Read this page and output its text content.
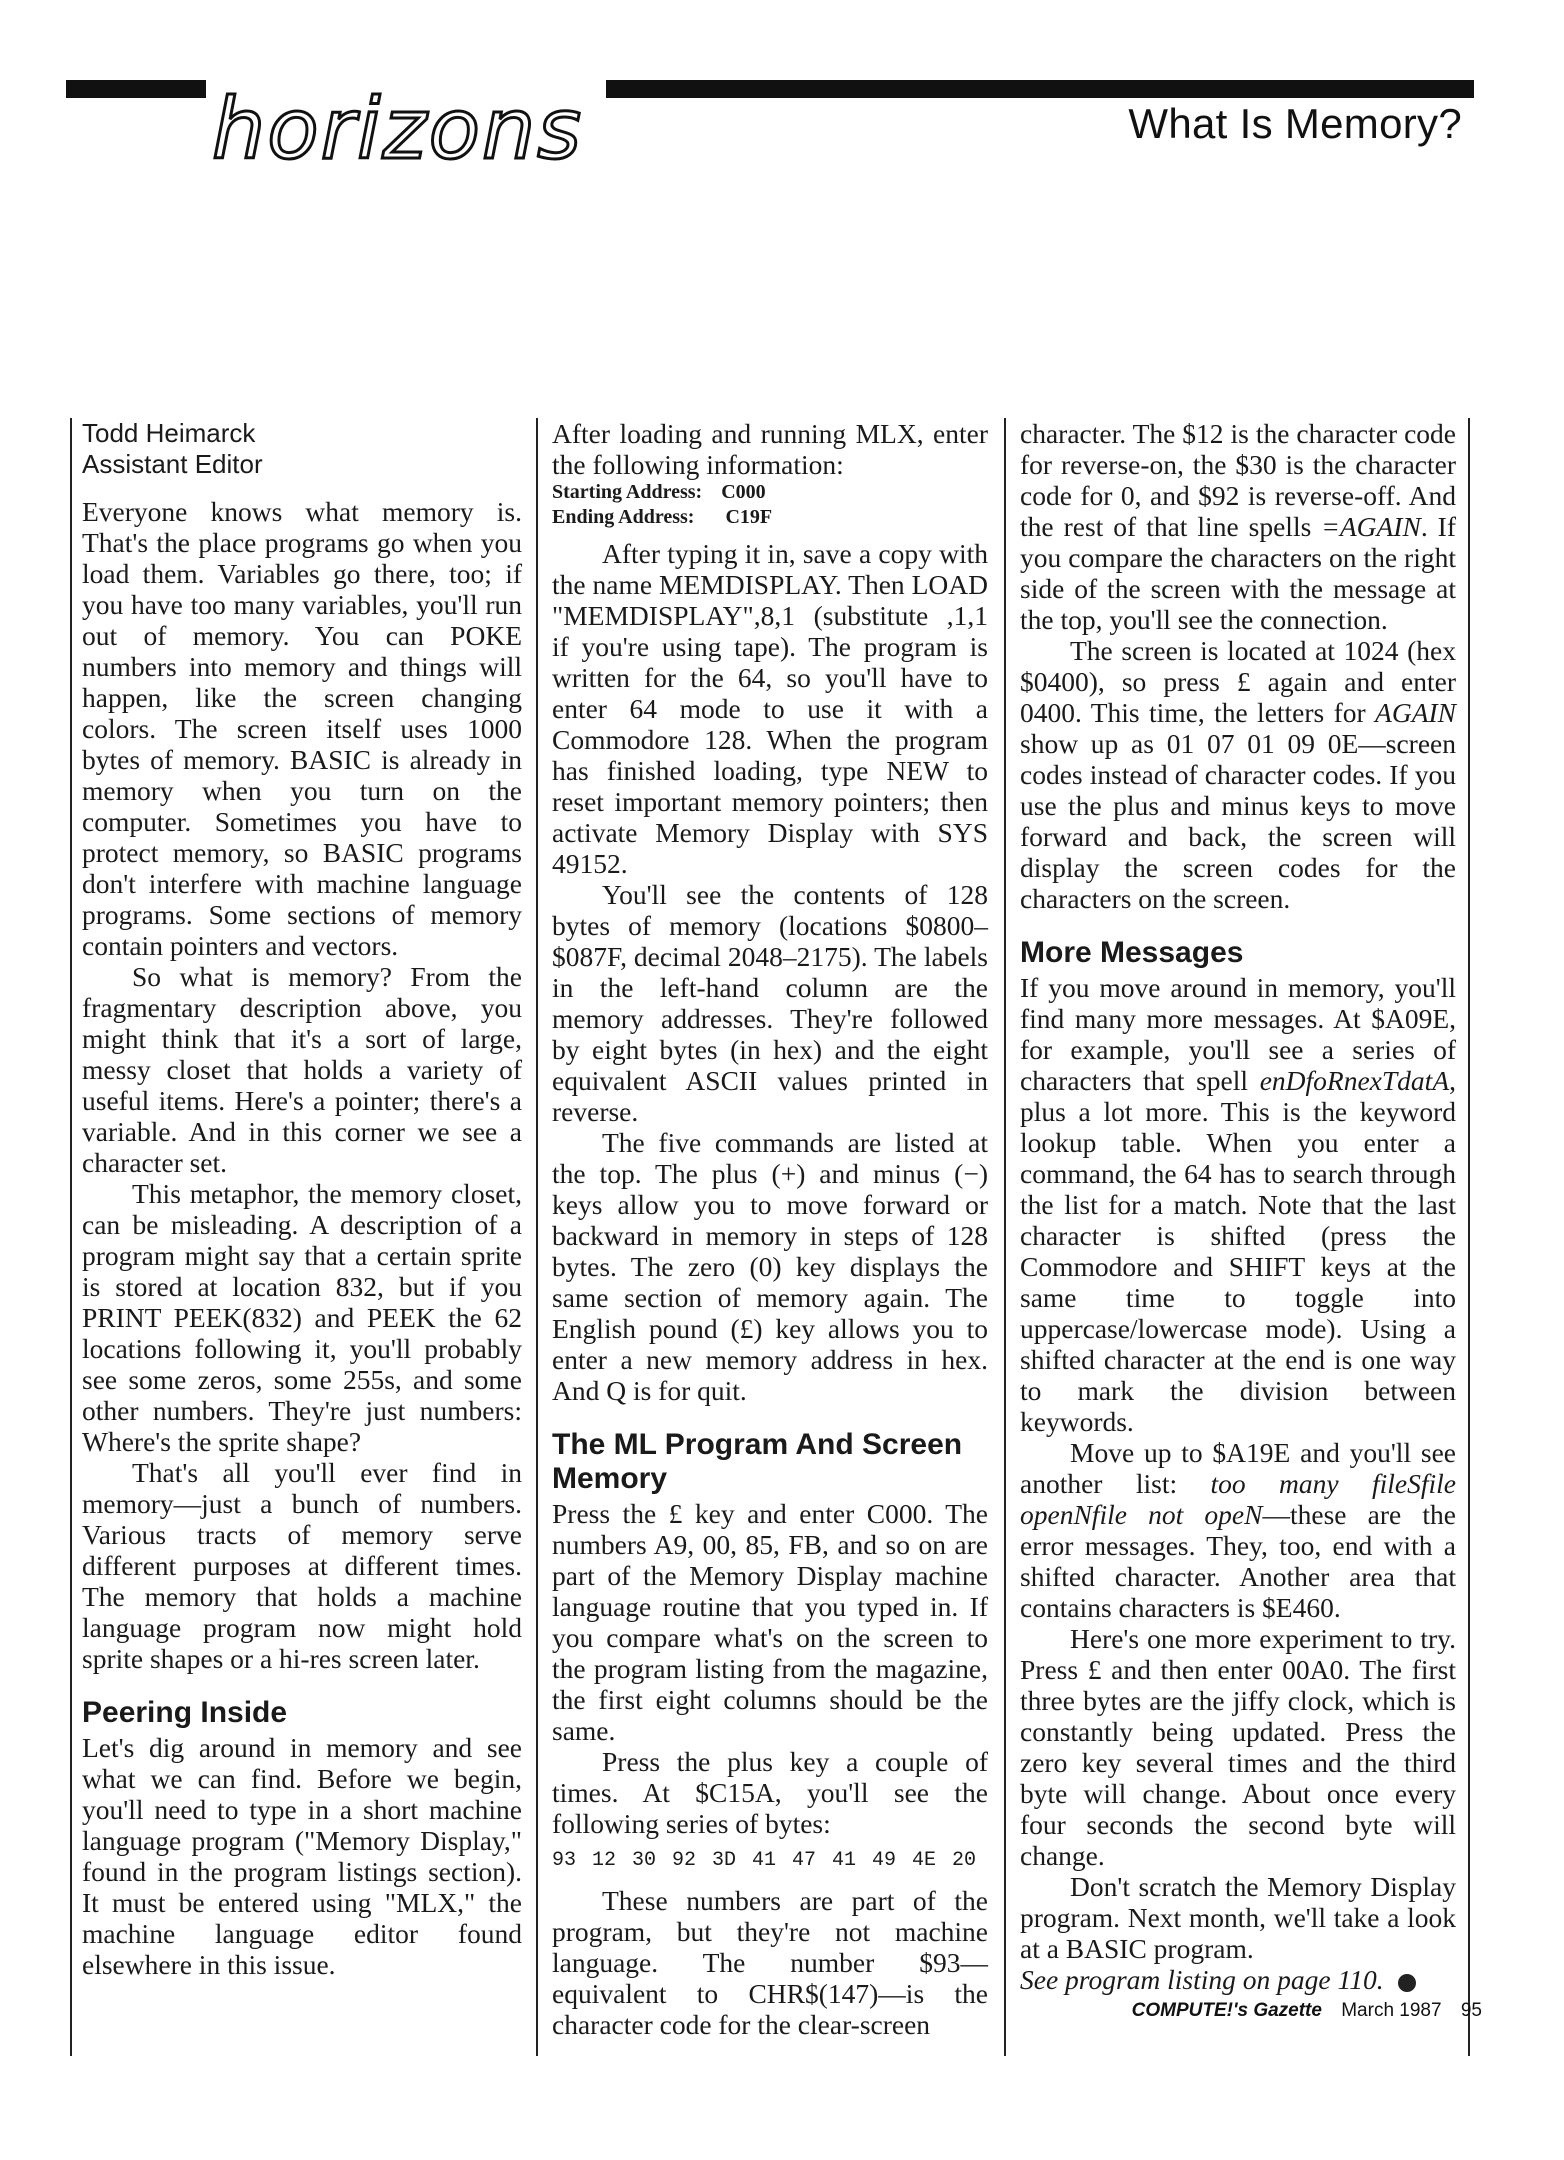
horizons	What Is Memory?
Todd Heimarck
Assistant Editor

Everyone knows what memory is. That's the place programs go when you load them. Variables go there, too; if you have too many variables, you'll run out of memory. You can POKE numbers into memory and things will happen, like the screen changing colors. The screen itself uses 1000 bytes of memory. BASIC is already in memory when you turn on the computer. Sometimes you have to protect memory, so BASIC programs don't interfere with machine language programs. Some sections of memory contain pointers and vectors.

So what is memory? From the fragmentary description above, you might think that it's a sort of large, messy closet that holds a variety of useful items. Here's a pointer; there's a variable. And in this corner we see a character set.

This metaphor, the memory closet, can be misleading. A description of a program might say that a certain sprite is stored at location 832, but if you PRINT PEEK(832) and PEEK the 62 locations following it, you'll probably see some zeros, some 255s, and some other numbers. They're just numbers: Where's the sprite shape?

That's all you'll ever find in memory—just a bunch of numbers. Various tracts of memory serve different purposes at different times. The memory that holds a machine language program now might hold sprite shapes or a hi-res screen later.

Peering Inside

Let's dig around in memory and see what we can find. Before we begin, you'll need to type in a short machine language program ("Memory Display," found in the program listings section). It must be entered using "MLX," the machine language editor found elsewhere in this issue.

After loading and running MLX, enter the following information:

Starting Address: C000
Ending Address: C19F

After typing it in, save a copy with the name MEMDISPLAY. Then LOAD "MEMDISPLAY",8,1 (substitute ,1,1 if you're using tape). The program is written for the 64, so you'll have to enter 64 mode to use it with a Commodore 128. When the program has finished loading, type NEW to reset important memory pointers; then activate Memory Display with SYS 49152.

You'll see the contents of 128 bytes of memory (locations $0800–$087F, decimal 2048–2175). The labels in the left-hand column are the memory addresses. They're followed by eight bytes (in hex) and the eight equivalent ASCII values printed in reverse.

The five commands are listed at the top. The plus (+) and minus (−) keys allow you to move forward or backward in memory in steps of 128 bytes. The zero (0) key displays the same section of memory again. The English pound (£) key allows you to enter a new memory address in hex. And Q is for quit.

The ML Program And Screen Memory

Press the £ key and enter C000. The numbers A9, 00, 85, FB, and so on are part of the Memory Display machine language routine that you typed in. If you compare what's on the screen to the program listing from the magazine, the first eight columns should be the same.

Press the plus key a couple of times. At $C15A, you'll see the following series of bytes:

93 12 30 92 3D 41 47 41 49 4E 20

These numbers are part of the program, but they're not machine language. The number $93—equivalent to CHR$(147)—is the character code for the clear-screen

character. The $12 is the character code for reverse-on, the $30 is the character code for 0, and $92 is reverse-off. And the rest of that line spells =AGAIN. If you compare the characters on the right side of the screen with the message at the top, you'll see the connection.

The screen is located at 1024 (hex $0400), so press £ again and enter 0400. This time, the letters for AGAIN show up as 01 07 01 09 0E—screen codes instead of character codes. If you use the plus and minus keys to move forward and back, the screen will display the screen codes for the characters on the screen.

More Messages

If you move around in memory, you'll find many more messages. At $A09E, for example, you'll see a series of characters that spell enDfoRnexTdatA, plus a lot more. This is the keyword lookup table. When you enter a command, the 64 has to search through the list for a match. Note that the last character is shifted (press the Commodore and SHIFT keys at the same time to toggle into uppercase/lowercase mode). Using a shifted character at the end is one way to mark the division between keywords.

Move up to $A19E and you'll see another list: too many fileSfile openNfile not opeN—these are the error messages. They, too, end with a shifted character. Another area that contains characters is $E460.

Here's one more experiment to try. Press £ and then enter 00A0. The first three bytes are the jiffy clock, which is constantly being updated. Press the zero key several times and the third byte will change. About once every four seconds the second byte will change.

Don't scratch the Memory Display program. Next month, we'll take a look at a BASIC program.

See program listing on page 110.
COMPUTE!'s Gazette March 1987 95
